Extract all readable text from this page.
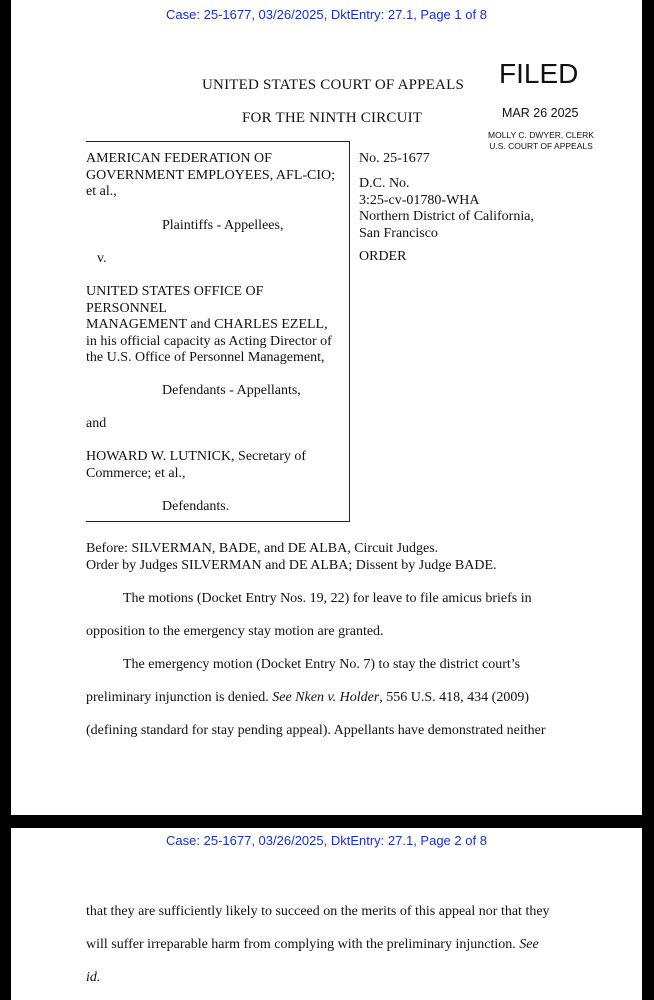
Case: 25-1677, 03/26/2025, DktEntry: 27.1, Page 1 of 8
UNITED STATES COURT OF APPEALS
FOR THE NINTH CIRCUIT
FILED
MAR 26 2025
MOLLY C. DWYER, CLERK
U.S. COURT OF APPEALS
AMERICAN FEDERATION OF
GOVERNMENT EMPLOYEES, AFL-CIO;
et al.,
Plaintiffs - Appellees,
v.
UNITED STATES OFFICE OF
PERSONNEL
MANAGEMENT and CHARLES EZELL,
in his official capacity as Acting Director of
the U.S. Office of Personnel Management,
Defendants - Appellants,
and
HOWARD W. LUTNICK, Secretary of
Commerce; et al.,
Defendants.
No. 25-1677
D.C. No.
3:25-cv-01780-WHA
Northern District of California,
San Francisco
ORDER
Before: SILVERMAN, BADE, and DE ALBA, Circuit Judges.
Order by Judges SILVERMAN and DE ALBA; Dissent by Judge BADE.
The motions (Docket Entry Nos. 19, 22) for leave to file amicus briefs in
opposition to the emergency stay motion are granted.
The emergency motion (Docket Entry No. 7) to stay the district court’s
preliminary injunction is denied. See Nken v. Holder, 556 U.S. 418, 434 (2009)
(defining standard for stay pending appeal). Appellants have demonstrated neither
Case: 25-1677, 03/26/2025, DktEntry: 27.1, Page 2 of 8
that they are sufficiently likely to succeed on the merits of this appeal nor that they
will suffer irreparable harm from complying with the preliminary injunction. See
id.
